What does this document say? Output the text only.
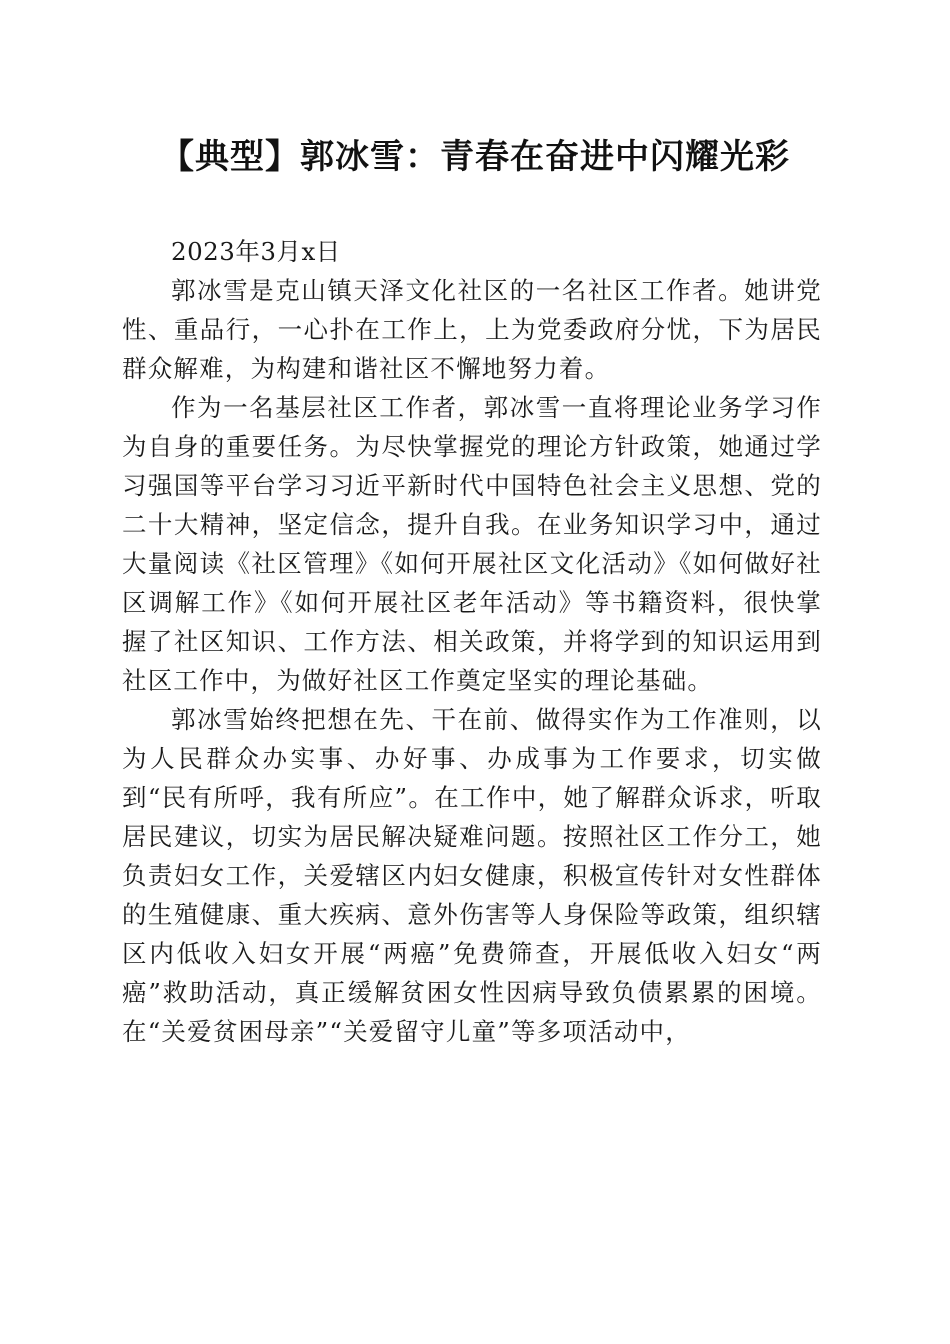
【典型】郭冰雪：青春在奋进中闪耀光彩

2023年3月x日

郭冰雪是克山镇天泽文化社区的一名社区工作者。她讲党性、重品行，一心扑在工作上，上为党委政府分忧，下为居民群众解难，为构建和谐社区不懈地努力着。

作为一名基层社区工作者，郭冰雪一直将理论业务学习作为自身的重要任务。为尽快掌握党的理论方针政策，她通过学习强国等平台学习习近平新时代中国特色社会主义思想、党的二十大精神，坚定信念，提升自我。在业务知识学习中，通过大量阅读《社区管理》《如何开展社区文化活动》《如何做好社区调解工作》《如何开展社区老年活动》等书籍资料，很快掌握了社区知识、工作方法、相关政策，并将学到的知识运用到社区工作中，为做好社区工作奠定坚实的理论基础。

郭冰雪始终把想在先、干在前、做得实作为工作准则，以为人民群众办实事、办好事、办成事为工作要求，切实做到“民有所呼，我有所应”。在工作中，她了解群众诉求，听取居民建议，切实为居民解决疑难问题。按照社区工作分工，她负责妇女工作，关爱辖区内妇女健康，积极宣传针对女性群体的生殖健康、重大疾病、意外伤害等人身保险等政策，组织辖区内低收入妇女开展“两癌”免费筛查，开展低收入妇女“两癌”救助活动，真正缓解贫困女性因病导致负债累累的困境。在“关爱贫困母亲”“关爱留守儿童”等多项活动中，
